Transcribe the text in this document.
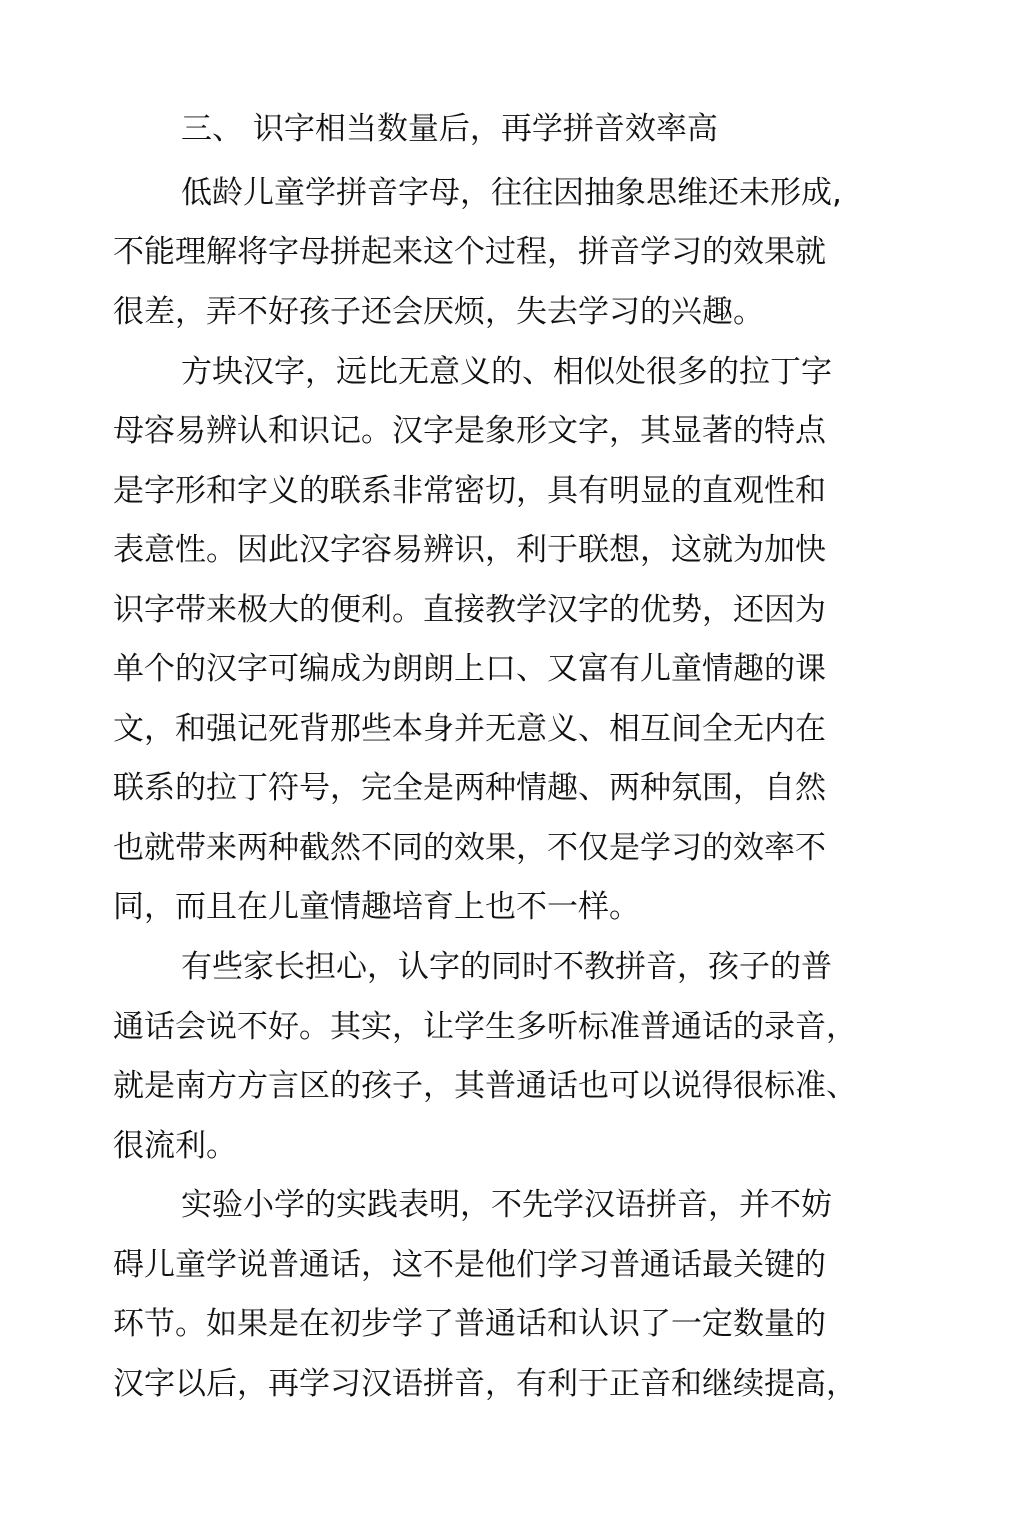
三、 识字相当数量后，再学拼音效率高
低龄儿童学拼音字母，往往因抽象思维还未形成,
不能理解将字母拼起来这个过程，拼音学习的效果就
很差，弄不好孩子还会厌烦，失去学习的兴趣。
方块汉字，远比无意义的、相似处很多的拉丁字
母容易辨认和识记。汉字是象形文字，其显著的特点
是字形和字义的联系非常密切，具有明显的直观性和
表意性。因此汉字容易辨识，利于联想，这就为加快
识字带来极大的便利。直接教学汉字的优势，还因为
单个的汉字可编成为朗朗上口、又富有儿童情趣的课
文，和强记死背那些本身并无意义、相互间全无内在
联系的拉丁符号，完全是两种情趣、两种氛围，自然
也就带来两种截然不同的效果，不仅是学习的效率不
同，而且在儿童情趣培育上也不一样。
有些家长担心，认字的同时不教拼音，孩子的普
通话会说不好。其实，让学生多听标准普通话的录音，
就是南方方言区的孩子，其普通话也可以说得很标准、
很流利。
实验小学的实践表明，不先学汉语拼音，并不妨
碍儿童学说普通话，这不是他们学习普通话最关键的
环节。如果是在初步学了普通话和认识了一定数量的
汉字以后，再学习汉语拼音，有利于正音和继续提高，
